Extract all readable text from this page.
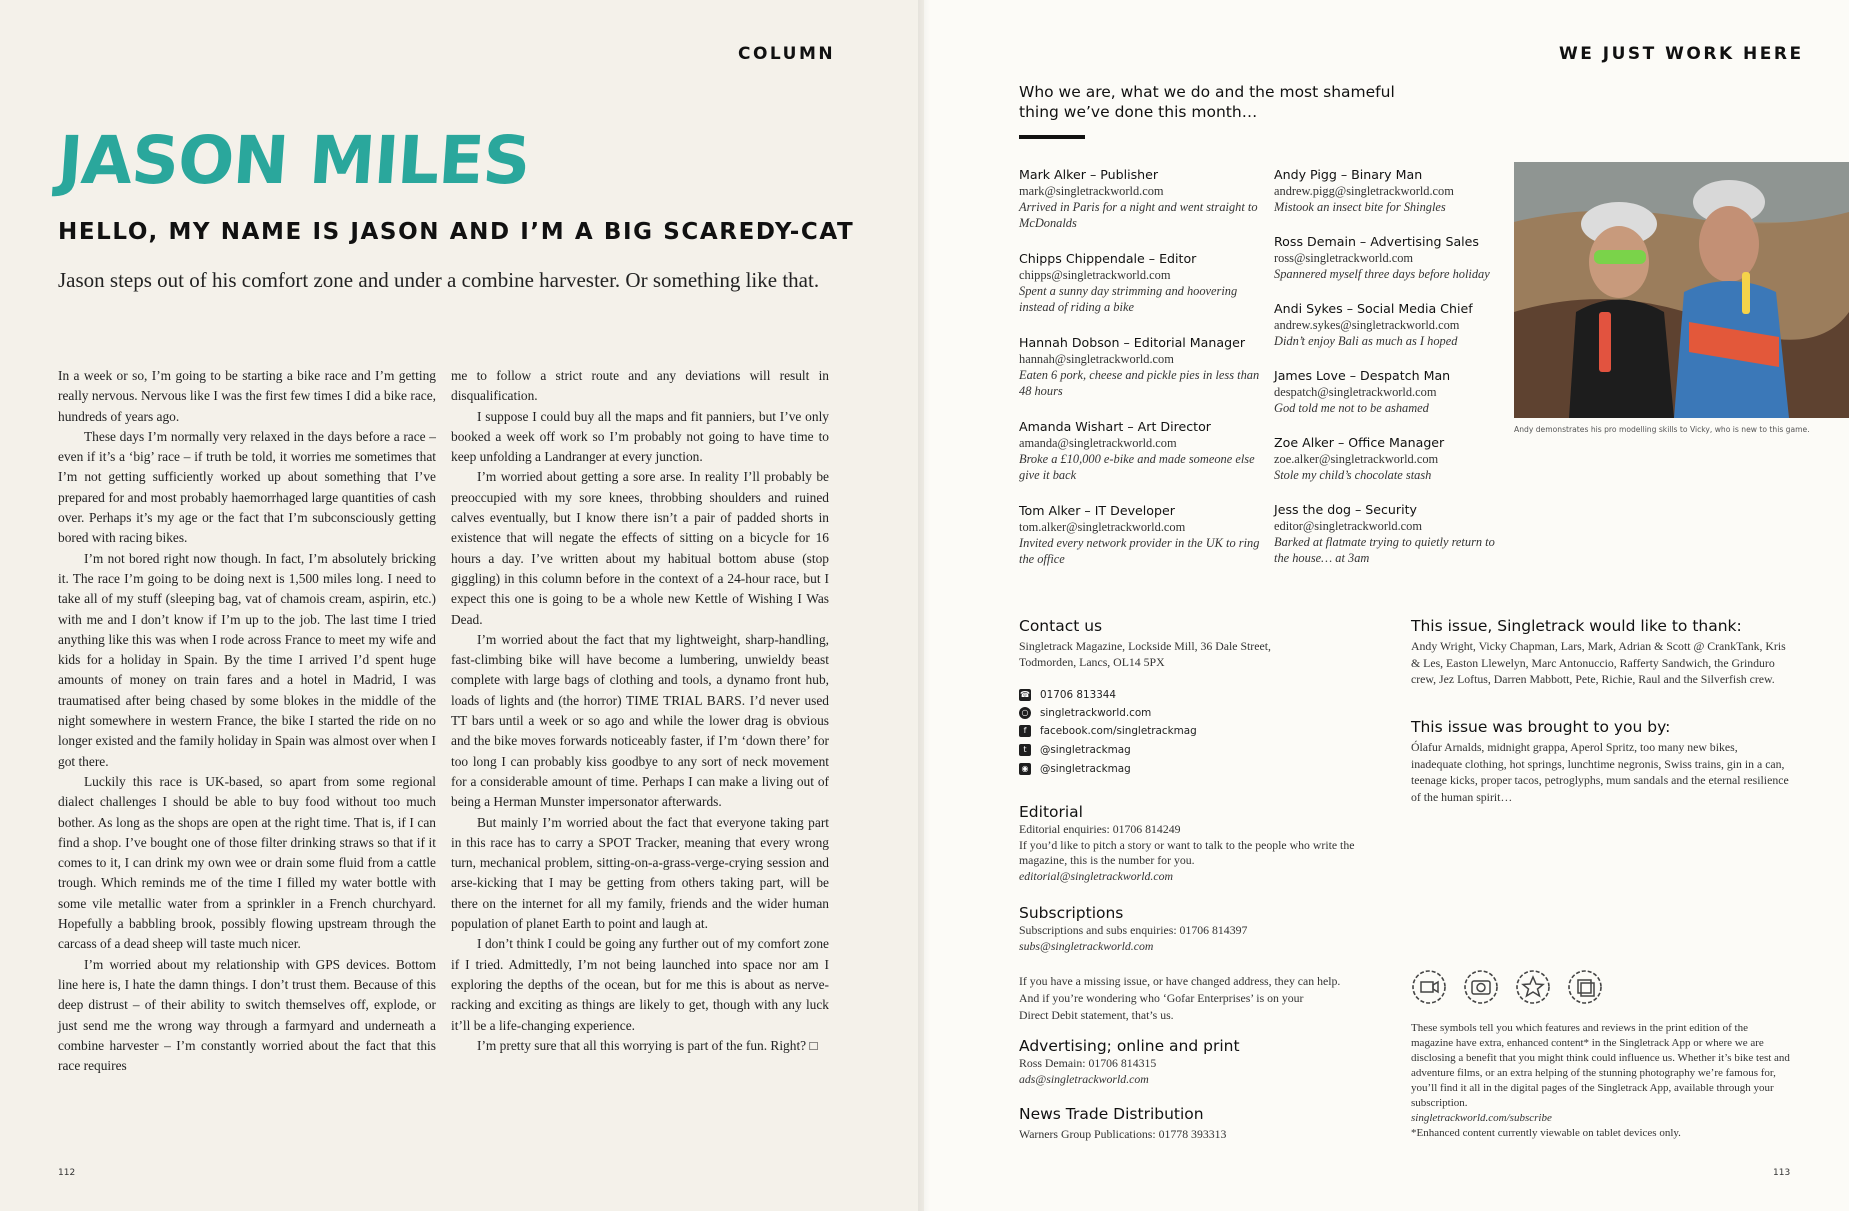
COLUMN
JASON MILES
HELLO, MY NAME IS JASON AND I’M A BIG SCAREDY-CAT
Jason steps out of his comfort zone and under a combine harvester. Or something like that.

In a week or so, I’m going to be starting a bike race and I’m getting really nervous. Nervous like I was the first few times I did a bike race, hundreds of years ago.

These days I’m normally very relaxed in the days before a race – even if it’s a ‘big’ race – if truth be told, it worries me sometimes that I’m not getting sufficiently worked up about something that I’ve prepared for and most probably haemorrhaged large quantities of cash over. Perhaps it’s my age or the fact that I’m subconsciously getting bored with racing bikes.

I’m not bored right now though. In fact, I’m absolutely bricking it. The race I’m going to be doing next is 1,500 miles long. I need to take all of my stuff (sleeping bag, vat of chamois cream, aspirin, etc.) with me and I don’t know if I’m up to the job. The last time I tried anything like this was when I rode across France to meet my wife and kids for a holiday in Spain. By the time I arrived I’d spent huge amounts of money on train fares and a hotel in Madrid, I was traumatised after being chased by some blokes in the middle of the night somewhere in western France, the bike I started the ride on no longer existed and the family holiday in Spain was almost over when I got there.

Luckily this race is UK-based, so apart from some regional dialect challenges I should be able to buy food without too much bother. As long as the shops are open at the right time. That is, if I can find a shop. I’ve bought one of those filter drinking straws so that if it comes to it, I can drink my own wee or drain some fluid from a cattle trough. Which reminds me of the time I filled my water bottle with some vile metallic water from a sprinkler in a French churchyard. Hopefully a babbling brook, possibly flowing upstream through the carcass of a dead sheep will taste much nicer.

I’m worried about my relationship with GPS devices. Bottom line here is, I hate the damn things. I don’t trust them. Because of this deep distrust – of their ability to switch themselves off, explode, or just send me the wrong way through a farmyard and underneath a combine harvester – I’m constantly worried about the fact that this race requires

me to follow a strict route and any deviations will result in disqualification.

I suppose I could buy all the maps and fit panniers, but I’ve only booked a week off work so I’m probably not going to have time to keep unfolding a Landranger at every junction.

I’m worried about getting a sore arse. In reality I’ll probably be preoccupied with my sore knees, throbbing shoulders and ruined calves eventually, but I know there isn’t a pair of padded shorts in existence that will negate the effects of sitting on a bicycle for 16 hours a day. I’ve written about my habitual bottom abuse (stop giggling) in this column before in the context of a 24-hour race, but I expect this one is going to be a whole new Kettle of Wishing I Was Dead.

I’m worried about the fact that my lightweight, sharp-handling, fast-climbing bike will have become a lumbering, unwieldy beast complete with large bags of clothing and tools, a dynamo front hub, loads of lights and (the horror) TIME TRIAL BARS. I’d never used TT bars until a week or so ago and while the lower drag is obvious and the bike moves forwards noticeably faster, if I’m ‘down there’ for too long I can probably kiss goodbye to any sort of neck movement for a considerable amount of time. Perhaps I can make a living out of being a Herman Munster impersonator afterwards.

But mainly I’m worried about the fact that everyone taking part in this race has to carry a SPOT Tracker, meaning that every wrong turn, mechanical problem, sitting-on-a-grass-verge-crying session and arse-kicking that I may be getting from others taking part, will be there on the internet for all my family, friends and the wider human population of planet Earth to point and laugh at.

I don’t think I could be going any further out of my comfort zone if I tried. Admittedly, I’m not being launched into space nor am I exploring the depths of the ocean, but for me this is about as nerve-racking and exciting as things are likely to get, though with any luck it’ll be a life-changing experience.

I’m pretty sure that all this worrying is part of the fun. Right? □

112
WE JUST WORK HERE
Who we are, what we do and the most shameful
thing we’ve done this month…
Mark Alker – Publisher
mark@singletrackworld.com
Arrived in Paris for a night and went straight to McDonalds
Chipps Chippendale – Editor
chipps@singletrackworld.com
Spent a sunny day strimming and hoovering instead of riding a bike
Hannah Dobson – Editorial Manager
hannah@singletrackworld.com
Eaten 6 pork, cheese and pickle pies in less than 48 hours
Amanda Wishart – Art Director
amanda@singletrackworld.com
Broke a £10,000 e-bike and made someone else give it back
Tom Alker – IT Developer
tom.alker@singletrackworld.com
Invited every network provider in the UK to ring the office
Andy Pigg – Binary Man
andrew.pigg@singletrackworld.com
Mistook an insect bite for Shingles
Ross Demain – Advertising Sales
ross@singletrackworld.com
Spannered myself three days before holiday
Andi Sykes – Social Media Chief
andrew.sykes@singletrackworld.com
Didn’t enjoy Bali as much as I hoped
James Love – Despatch Man
despatch@singletrackworld.com
God told me not to be ashamed
Zoe Alker – Office Manager
zoe.alker@singletrackworld.com
Stole my child’s chocolate stash
Jess the dog – Security
editor@singletrackworld.com
Barked at flatmate trying to quietly return to the house… at 3am
Andy demonstrates his pro modelling skills to Vicky, who is new to this game.
Contact us
Singletrack Magazine, Lockside Mill, 36 Dale Street,
Todmorden, Lancs, OL14 5PX
☎ 01706 813344
○ singletrackworld.com
f	facebook.com/singletrackmag
t	@singletrackmag
◉ @singletrackmag
Editorial
Editorial enquiries: 01706 814249
If you’d like to pitch a story or want to talk to the people who write the
magazine, this is the number for you.
editorial@singletrackworld.com
Subscriptions
Subscriptions and subs enquiries: 01706 814397
subs@singletrackworld.com
If you have a missing issue, or have changed address, they can help.
And if you’re wondering who ‘Gofar Enterprises’ is on your
Direct Debit statement, that’s us.
Advertising; online and print
Ross Demain: 01706 814315
ads@singletrackworld.com
News Trade Distribution
Warners Group Publications: 01778 393313
This issue, Singletrack would like to thank:
Andy Wright, Vicky Chapman, Lars, Mark, Adrian & Scott @ CrankTank, Kris & Les, Easton Llewelyn, Marc Antonuccio, Rafferty Sandwich, the Grinduro crew, Jez Loftus, Darren Mabbott, Pete, Richie, Raul and the Silverfish crew.
This issue was brought to you by:
Ólafur Arnalds, midnight grappa, Aperol Spritz, too many new bikes, inadequate clothing, hot springs, lunchtime negronis, Swiss trains, gin in a can, teenage kicks, proper tacos, petroglyphs, mum sandals and the eternal resilience of the human spirit…
These symbols tell you which features and reviews in the print edition of the magazine have extra, enhanced content* in the Singletrack App or where we are disclosing a benefit that you might think could influence us. Whether it’s bike test and adventure films, or an extra helping of the stunning photography we’re famous for, you’ll find it all in the digital pages of the Singletrack App, available through your subscription.
singletrackworld.com/subscribe
*Enhanced content currently viewable on tablet devices only.
113
